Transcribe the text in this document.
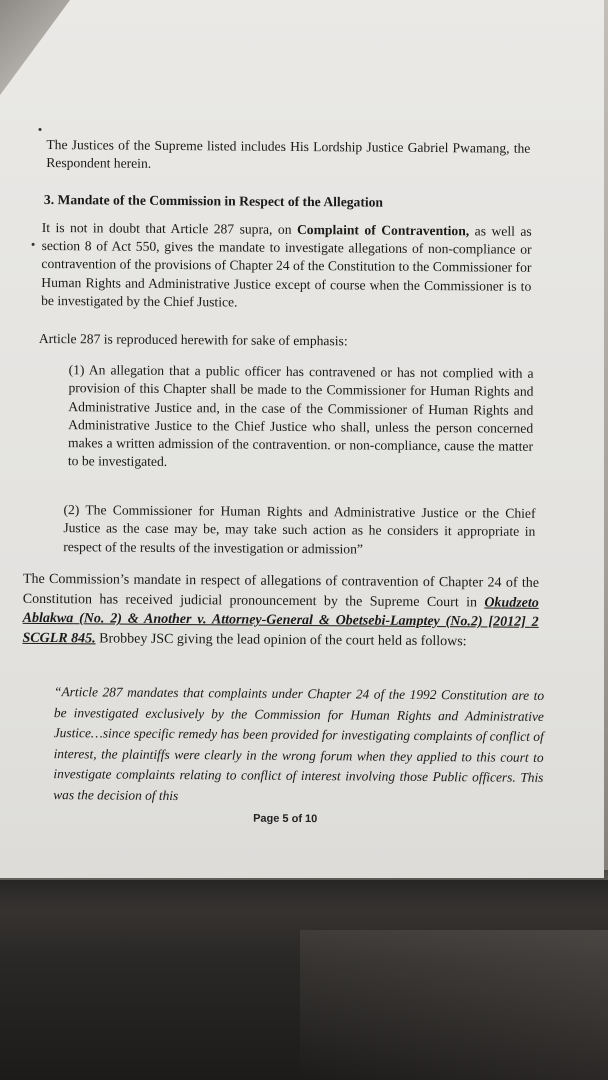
The Justices of the Supreme listed includes His Lordship Justice Gabriel Pwamang, the Respondent herein.

3. Mandate of the Commission in Respect of the Allegation

It is not in doubt that Article 287 supra, on Complaint of Contravention, as well as section 8 of Act 550, gives the mandate to investigate allegations of non-compliance or contravention of the provisions of Chapter 24 of the Constitution to the Commissioner for Human Rights and Administrative Justice except of course when the Commissioner is to be investigated by the Chief Justice.

Article 287 is reproduced herewith for sake of emphasis:

(1) An allegation that a public officer has contravened or has not complied with a provision of this Chapter shall be made to the Commissioner for Human Rights and Administrative Justice and, in the case of the Commissioner of Human Rights and Administrative Justice to the Chief Justice who shall, unless the person concerned makes a written admission of the contravention. or non-compliance, cause the matter to be investigated.

(2) The Commissioner for Human Rights and Administrative Justice or the Chief Justice as the case may be, may take such action as he considers it appropriate in respect of the results of the investigation or admission”

The Commission’s mandate in respect of allegations of contravention of Chapter 24 of the Constitution has received judicial pronouncement by the Supreme Court in Okudzeto Ablakwa (No. 2) & Another v. Attorney-General & Obetsebi-Lamptey (No.2) [2012] 2 SCGLR 845. Brobbey JSC giving the lead opinion of the court held as follows:

“Article 287 mandates that complaints under Chapter 24 of the 1992 Constitution are to be investigated exclusively by the Commission for Human Rights and Administrative Justice…since specific remedy has been provided for investigating complaints of conflict of interest, the plaintiffs were clearly in the wrong forum when they applied to this court to investigate complaints relating to conflict of interest involving those Public officers. This was the decision of this

Page 5 of 10
